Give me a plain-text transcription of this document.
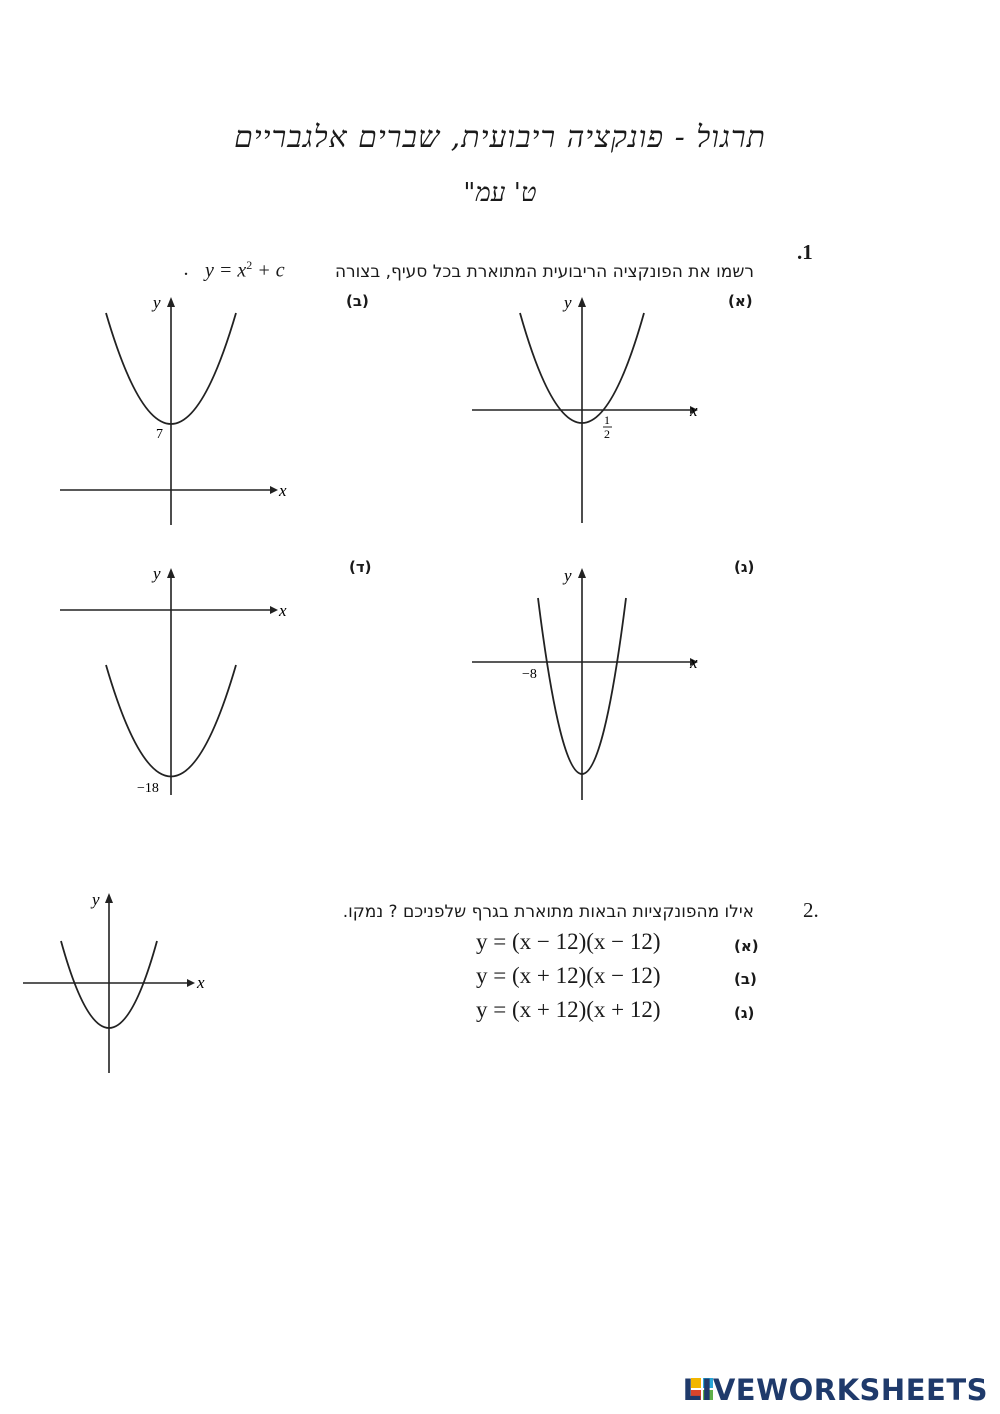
תרגול - פונקציה ריבועית, שברים אלגבריים
ט' עמ"
.1
רשמו את הפונקציה הריבועית המתוארת בכל סעיף, בצורה
$y = x^2 + c$
.
(א)
(ב)
(ג)
(ד)
x
y
1
2
x
y
7
x
y
−8
x
y
−18
2.
אילו מהפונקציות הבאות מתוארת בגרף שלפניכם ? נמקו.
(א)
y = (x − 12)(x − 12)
(ב)
y = (x + 12)(x − 12)
(ג)
y = (x + 12)(x + 12)
x
y
LIVEWORKSHEETS
